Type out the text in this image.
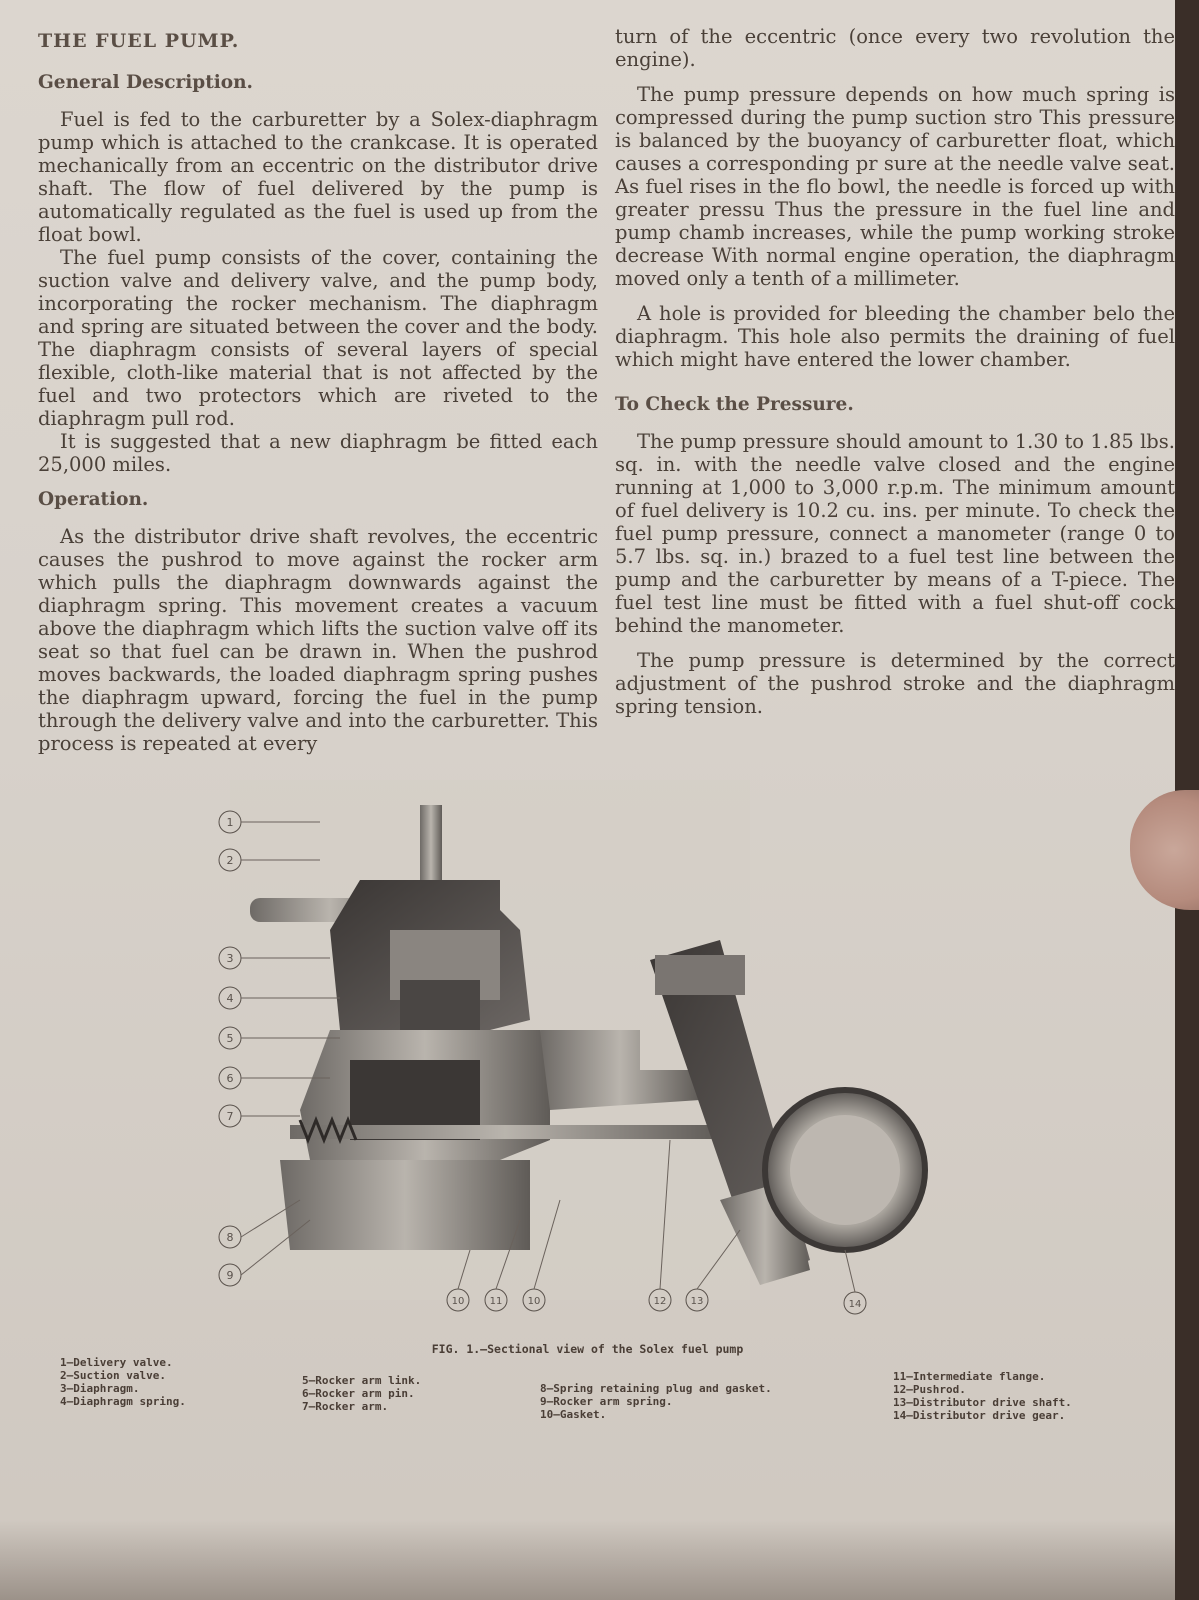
THE FUEL PUMP.
General Description.

Fuel is fed to the carburetter by a Solex-diaphragm pump which is attached to the crankcase. It is operated mechanically from an eccentric on the distributor drive shaft. The flow of fuel delivered by the pump is automatically regulated as the fuel is used up from the float bowl.

The fuel pump consists of the cover, containing the suction valve and delivery valve, and the pump body, incorporating the rocker mechanism. The diaphragm and spring are situated between the cover and the body. The diaphragm consists of several layers of special flexible, cloth-like material that is not affected by the fuel and two protectors which are riveted to the diaphragm pull rod.

It is suggested that a new diaphragm be fitted each 25,000 miles.

Operation.

As the distributor drive shaft revolves, the eccentric causes the pushrod to move against the rocker arm which pulls the diaphragm downwards against the diaphragm spring. This movement creates a vacuum above the diaphragm which lifts the suction valve off its seat so that fuel can be drawn in. When the pushrod moves backwards, the loaded diaphragm spring pushes the diaphragm upward, forcing the fuel in the pump through the delivery valve and into the carburetter. This process is repeated at every

turn of the eccentric (once every two revolution the engine).

The pump pressure depends on how much spring is compressed during the pump suction stro This pressure is balanced by the buoyancy of carburetter float, which causes a corresponding pr sure at the needle valve seat. As fuel rises in the flo bowl, the needle is forced up with greater pressu Thus the pressure in the fuel line and pump chamb increases, while the pump working stroke decrease With normal engine operation, the diaphragm moved only a tenth of a millimeter.

A hole is provided for bleeding the chamber belo the diaphragm. This hole also permits the draining of fuel which might have entered the lower chamber.

To Check the Pressure.

The pump pressure should amount to 1.30 to 1.85 lbs. sq. in. with the needle valve closed and the engine running at 1,000 to 3,000 r.p.m. The minimum amount of fuel delivery is 10.2 cu. ins. per minute. To check the fuel pump pressure, connect a manometer (range 0 to 5.7 lbs. sq. in.) brazed to a fuel test line between the pump and the carburetter by means of a T-piece. The fuel test line must be fitted with a fuel shut-off cock behind the manometer.

The pump pressure is determined by the correct adjustment of the pushrod stroke and the diaphragm spring tension.

1
2
3
4
5
6
7
8
9
10	11	10	12 13	14
FIG. 1.—Sectional view of the Solex fuel pump
1—Delivery valve.
2—Suction valve.
3—Diaphragm.
4—Diaphragm spring.
5—Rocker arm link.
6—Rocker arm pin.
7—Rocker arm.
8—Spring retaining plug and gasket.
9—Rocker arm spring.
10—Gasket.
11—Intermediate flange.
12—Pushrod.
13—Distributor drive shaft.
14—Distributor drive gear.
